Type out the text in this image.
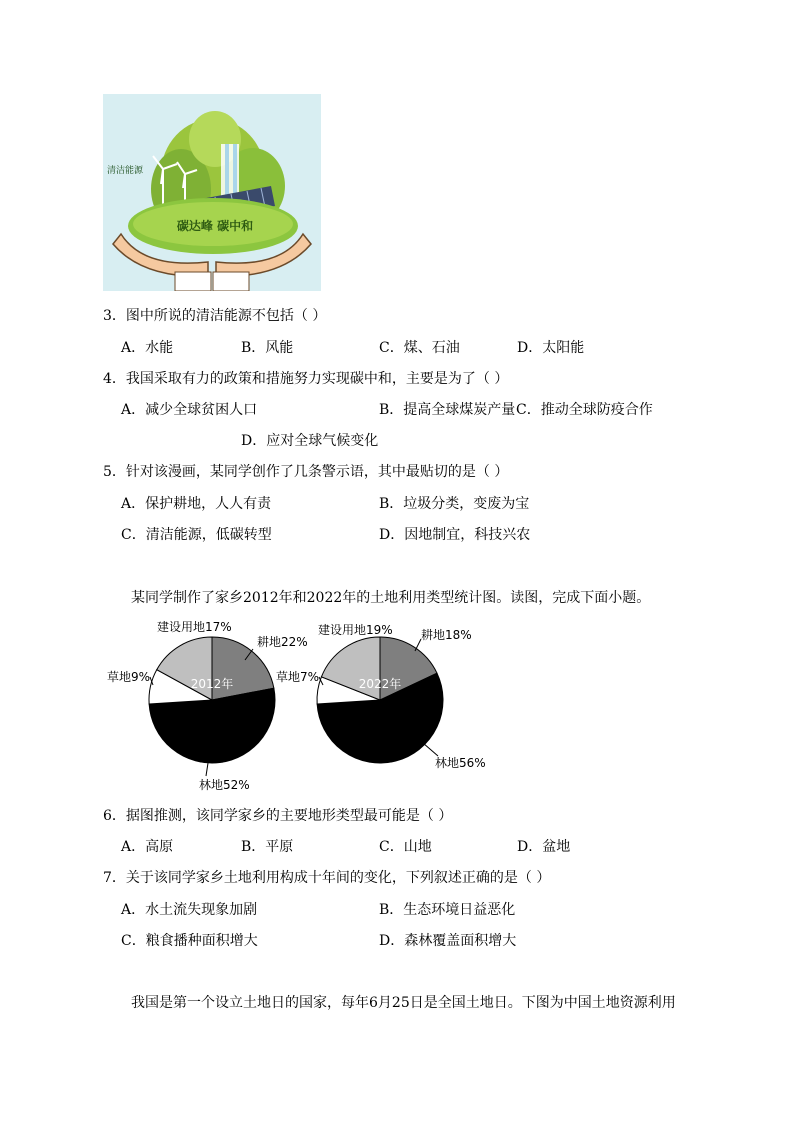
碳达峰 碳中和
清洁能源
3．图中所说的清洁能源不包括（ ）
A．水能	B．风能	C．煤、石油	D．太阳能
4．我国采取有力的政策和措施努力实现碳中和，主要是为了（ ）
A．减少全球贫困人口	B．提高全球煤炭产量 C．推动全球防疫合作
D．应对全球气候变化
5．针对该漫画，某同学创作了几条警示语，其中最贴切的是（ ）
A．保护耕地，人人有责	B．垃圾分类，变废为宝
C．清洁能源，低碳转型	D．因地制宜，科技兴农
某同学制作了家乡2012年和2022年的土地利用类型统计图。读图，完成下面小题。
2012年
耕地22%
林地52%
草地9%
建设用地17%
2022年
耕地18%
林地56%
草地7%
建设用地19%
6．据图推测，该同学家乡的主要地形类型最可能是（ ）
A．高原	B．平原	C．山地	D．盆地
7．关于该同学家乡土地利用构成十年间的变化，下列叙述正确的是（ ）
A．水土流失现象加剧	B．生态环境日益恶化
C．粮食播种面积增大	D．森林覆盖面积增大
我国是第一个设立土地日的国家，每年6月25日是全国土地日。下图为中国土地资源利用
